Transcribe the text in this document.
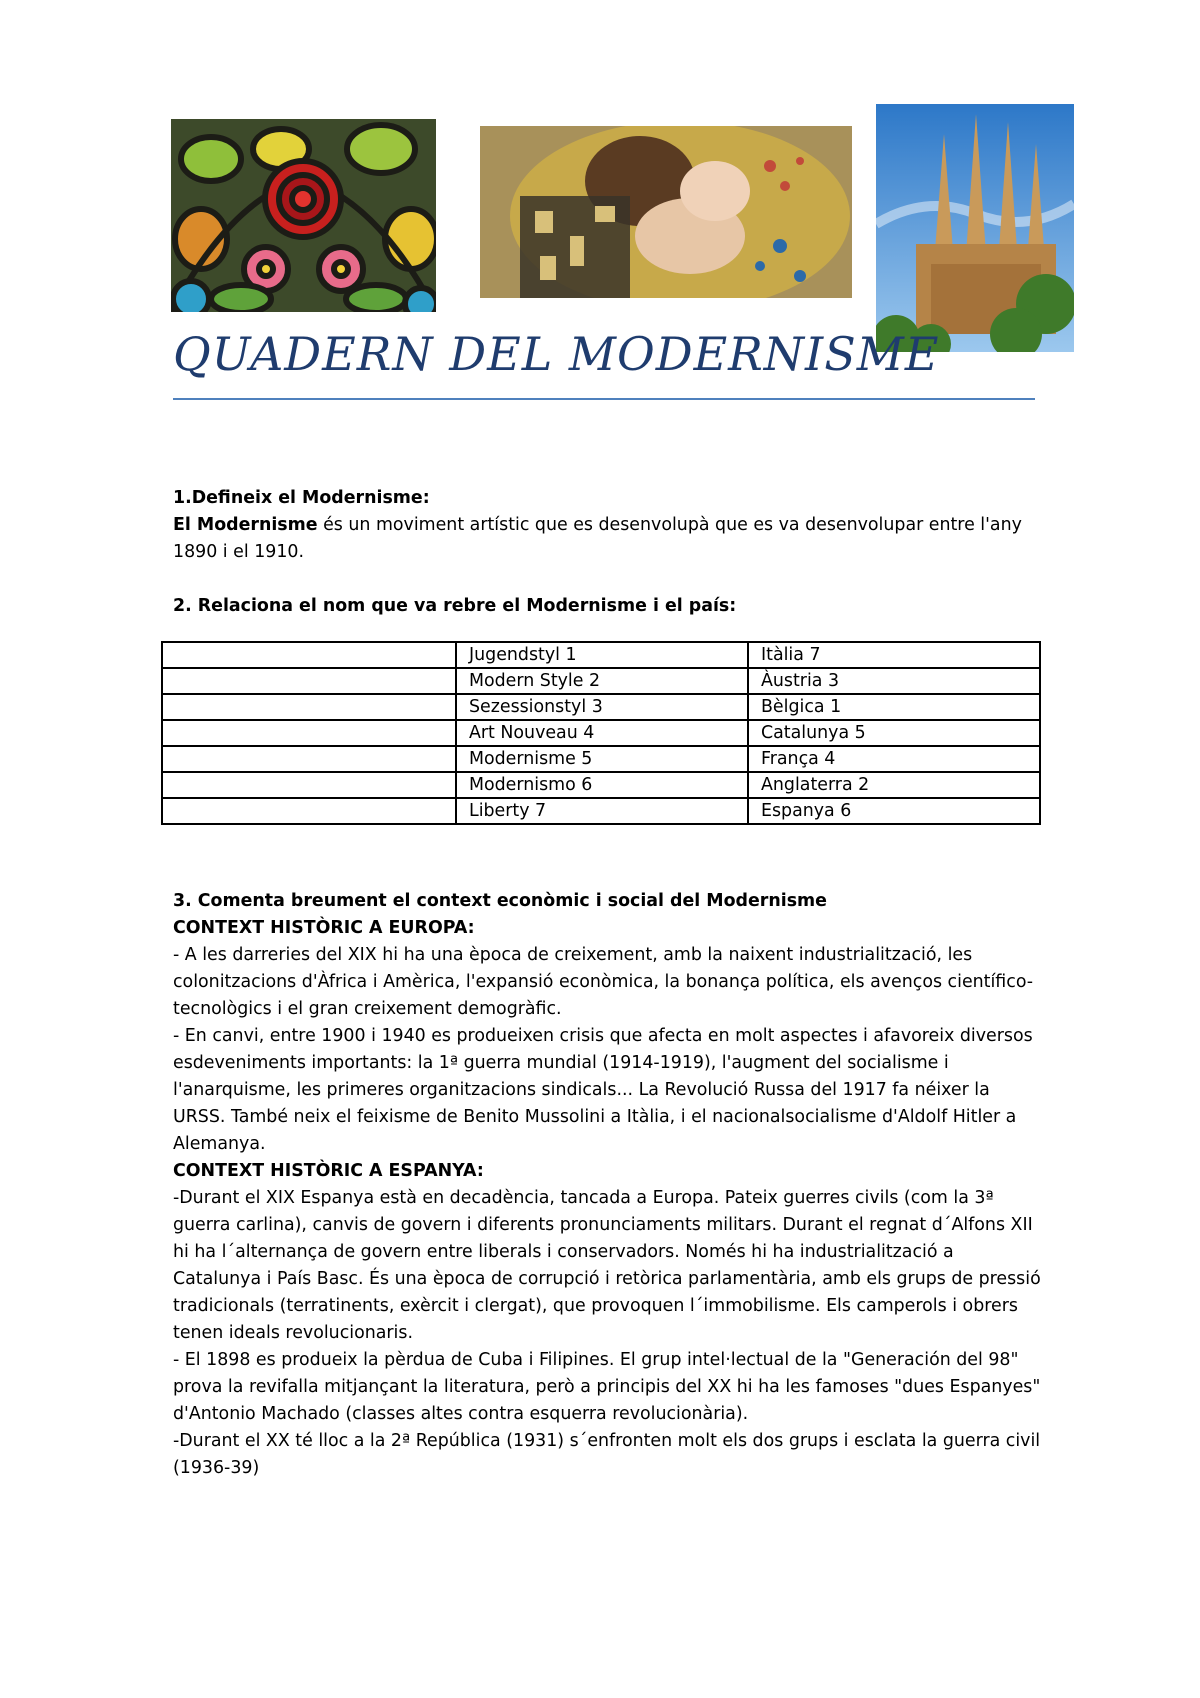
QUADERN DEL MODERNISME

1.Defineix el Modernisme:

El Modernisme és un moviment artístic que es desenvolupà que es va desenvolupar entre l'any 1890 i el 1910.

2. Relaciona el nom que va rebre el Modernisme i el país:

	Jugendstyl 1	Itàlia 7
	Modern Style 2	Àustria 3
	Sezessionstyl 3	Bèlgica 1
	Art Nouveau 4	Catalunya 5
	Modernisme 5	França 4
	Modernismo 6	Anglaterra 2
	Liberty 7	Espanya 6

3. Comenta breument el context econòmic i social del Modernisme

CONTEXT HISTÒRIC A EUROPA:

- A les darreries del XIX hi ha una època de creixement, amb la naixent industrialització, les colonitzacions d'Àfrica i Amèrica, l'expansió econòmica, la bonança política, els avenços científico-tecnològics i el gran creixement demogràfic.

- En canvi, entre 1900 i 1940 es produeixen crisis que afecta en molt aspectes i afavoreix diversos esdeveniments importants: la 1ª guerra mundial (1914-1919), l'augment del socialisme i l'anarquisme, les primeres organitzacions sindicals... La Revolució Russa del 1917 fa néixer la URSS. També neix el feixisme de Benito Mussolini a Itàlia, i el nacionalsocialisme d'Aldolf Hitler a Alemanya.

CONTEXT HISTÒRIC A ESPANYA:

-Durant el XIX Espanya està en decadència, tancada a Europa. Pateix guerres civils (com la 3ª guerra carlina), canvis de govern i diferents pronunciaments militars. Durant el regnat d´Alfons XII hi ha l´alternança de govern entre liberals i conservadors. Només hi ha industrialització a Catalunya i País Basc. És una època de corrupció i retòrica parlamentària, amb els grups de pressió tradicionals (terratinents, exèrcit i clergat), que provoquen l´immobilisme. Els camperols i obrers tenen ideals revolucionaris.

- El 1898 es produeix la pèrdua de Cuba i Filipines. El grup intel·lectual de la "Generación del 98" prova la revifalla mitjançant la literatura, però a principis del XX hi ha les famoses "dues Espanyes" d'Antonio Machado (classes altes contra esquerra revolucionària).

-Durant el XX té lloc a la 2ª República (1931) s´enfronten molt els dos grups i esclata la guerra civil (1936-39)
